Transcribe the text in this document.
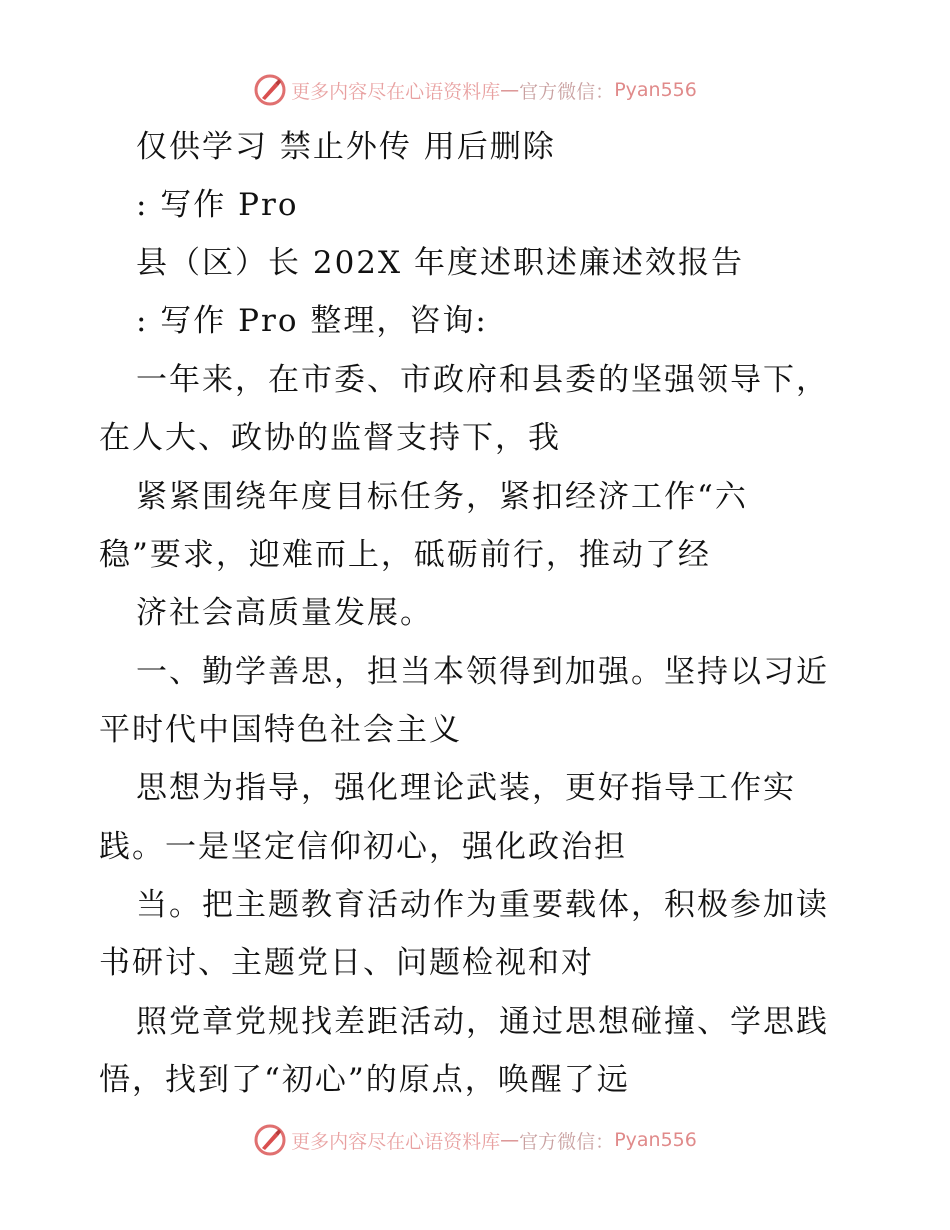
更多内容尽在心语资料库 — 官方微信： Pyan556
仅供学习 禁止外传 用后删除
: 写作 Pro
县（区）长 202X 年度述职述廉述效报告
: 写作 Pro 整理，咨询:
一年来，在市委、市政府和县委的坚强领导下，
在人大、政协的监督支持下，我
紧紧围绕年度目标任务，紧扣经济工作“六
稳”要求，迎难而上，砥砺前行，推动了经
济社会高质量发展。
一、勤学善思，担当本领得到加强。坚持以习近
平时代中国特色社会主义
思想为指导，强化理论武装，更好指导工作实
践。一是坚定信仰初心，强化政治担
当。把主题教育活动作为重要载体，积极参加读
书研讨、主题党日、问题检视和对
照党章党规找差距活动，通过思想碰撞、学思践
悟，找到了“初心”的原点，唤醒了远
更多内容尽在心语资料库 — 官方微信： Pyan556
